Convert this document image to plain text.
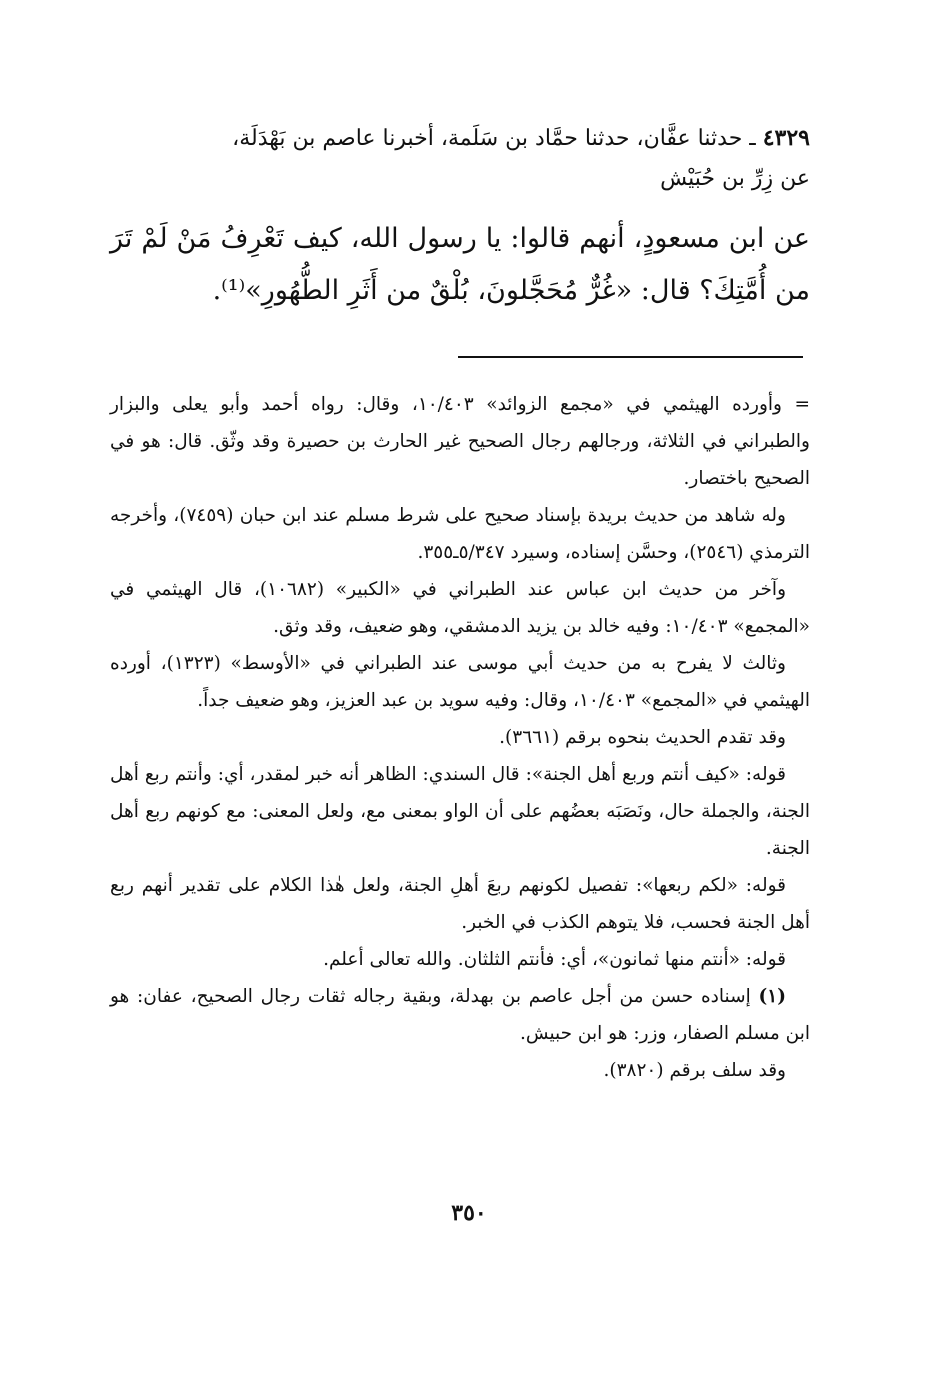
٤٣٢٩ ـ حدثنا عفَّان، حدثنا حمَّاد بن سَلَمة، أخبرنا عاصم بن بَهْدَلَة،
عن زِرِّ بن حُبَيْش

عن ابن مسعودٍ، أنهم قالوا: يا رسول الله، كيف تَعْرِفُ مَنْ لَمْ تَرَ من أُمَّتِكَ؟ قال: «غُرٌّ مُحَجَّلونَ، بُلْقٌ من أَثَرِ الطُّهُورِ»⁽¹⁾.

= وأورده الهيثمي في «مجمع الزوائد» ١٠/٤٠٣، وقال: رواه أحمد وأبو يعلى والبزار والطبراني في الثلاثة، ورجالهم رجال الصحيح غير الحارث بن حصيرة وقد وثّق. قال: هو في الصحيح باختصار.

وله شاهد من حديث بريدة بإسناد صحيح على شرط مسلم عند ابن حبان (٧٤٥٩)، وأخرجه الترمذي (٢٥٤٦)، وحسَّن إسناده، وسيرد ٥/٣٤٧ـ٣٥٥.

وآخر من حديث ابن عباس عند الطبراني في «الكبير» (١٠٦٨٢)، قال الهيثمي في «المجمع» ١٠/٤٠٣: وفيه خالد بن يزيد الدمشقي، وهو ضعيف، وقد وثق.

وثالث لا يفرح به من حديث أبي موسى عند الطبراني في «الأوسط» (١٣٢٣)، أورده الهيثمي في «المجمع» ١٠/٤٠٣، وقال: وفيه سويد بن عبد العزيز، وهو ضعيف جداً.

وقد تقدم الحديث بنحوه برقم (٣٦٦١).

قوله: «كيف أنتم وربع أهل الجنة»: قال السندي: الظاهر أنه خبر لمقدر، أي: وأنتم ربع أهل الجنة، والجملة حال، ونَصَبَه بعضُهم على أن الواو بمعنى مع، ولعل المعنى: مع كونهم ربع أهل الجنة.

قوله: «لكم ربعها»: تفصيل لكونهم ربعَ أهلِ الجنة، ولعل هٰذا الكلام على تقدير أنهم ربع أهل الجنة فحسب، فلا يتوهم الكذب في الخبر.

قوله: «أنتم منها ثمانون»، أي: فأنتم الثلثان. والله تعالى أعلم.

(١) إسناده حسن من أجل عاصم بن بهدلة، وبقية رجاله ثقات رجال الصحيح، عفان: هو ابن مسلم الصفار، وزر: هو ابن حبيش.

وقد سلف برقم (٣٨٢٠).

٣٥٠
